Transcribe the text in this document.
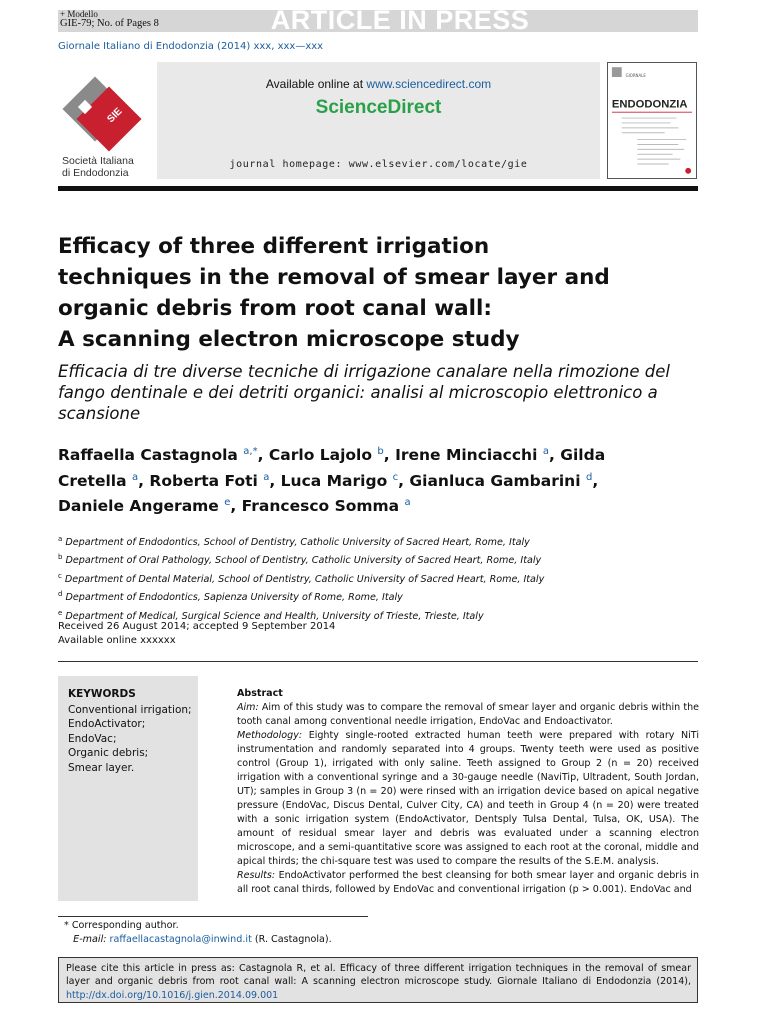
+ Modello
GIE-79; No. of Pages 8	ARTICLE IN PRESS
Giornale Italiano di Endodonzia (2014) xxx, xxx—xxx
SIE
Società Italiana
di Endodonzia
Available online at www.sciencedirect.com
ScienceDirect
journal homepage: www.elsevier.com/locate/gie
GIORNALE
ENDODONZIA
Efficacy of three different irrigation
techniques in the removal of smear layer and
organic debris from root canal wall:
A scanning electron microscope study
Efficacia di tre diverse tecniche di irrigazione canalare nella rimozione del fango dentinale e dei detriti organici: analisi al microscopio elettronico a scansione
Raffaella Castagnola $^{a,*}$, Carlo Lajolo $^b$, Irene Minciacchi $^a$, Gilda Cretella $^a$, Roberta Foti $^a$, Luca Marigo $^c$, Gianluca Gambarini $^d$, Daniele Angerame $^e$, Francesco Somma $^a$
$^a$ Department of Endodontics, School of Dentistry, Catholic University of Sacred Heart, Rome, Italy
$^b$ Department of Oral Pathology, School of Dentistry, Catholic University of Sacred Heart, Rome, Italy
$^c$ Department of Dental Material, School of Dentistry, Catholic University of Sacred Heart, Rome, Italy
$^d$ Department of Endodontics, Sapienza University of Rome, Rome, Italy
$^e$ Department of Medical, Surgical Science and Health, University of Trieste, Trieste, Italy
Received 26 August 2014; accepted 9 September 2014
Available online xxxxxx
KEYWORDS
Conventional irrigation;
EndoActivator;
EndoVac;
Organic debris;
Smear layer.
Abstract
Aim: Aim of this study was to compare the removal of smear layer and organic debris within the tooth canal among conventional needle irrigation, EndoVac and Endoactivator.
Methodology: Eighty single-rooted extracted human teeth were prepared with rotary NiTi instrumentation and randomly separated into 4 groups. Twenty teeth were used as positive control (Group 1), irrigated with only saline. Teeth assigned to Group 2 (n = 20) received irrigation with a conventional syringe and a 30-gauge needle (NaviTip, Ultradent, South Jordan, UT); samples in Group 3 (n = 20) were rinsed with an irrigation device based on apical negative pressure (EndoVac, Discus Dental, Culver City, CA) and teeth in Group 4 (n = 20) were treated with a sonic irrigation system (EndoActivator, Dentsply Tulsa Dental, Tulsa, OK, USA). The amount of residual smear layer and debris was evaluated under a scanning electron microscope, and a semi-quantitative score was assigned to each root at the coronal, middle and apical thirds; the chi-square test was used to compare the results of the S.E.M. analysis.
Results: EndoActivator performed the best cleansing for both smear layer and organic debris in all root canal thirds, followed by EndoVac and conventional irrigation (p > 0.001). EndoVac and
* Corresponding author.
E-mail: raffaellacastagnola@inwind.it (R. Castagnola).
Please cite this article in press as: Castagnola R, et al. Efficacy of three different irrigation techniques in the removal of smear layer and organic debris from root canal wall: A scanning electron microscope study. Giornale Italiano di Endodonzia (2014), http://dx.doi.org/10.1016/j.gien.2014.09.001
